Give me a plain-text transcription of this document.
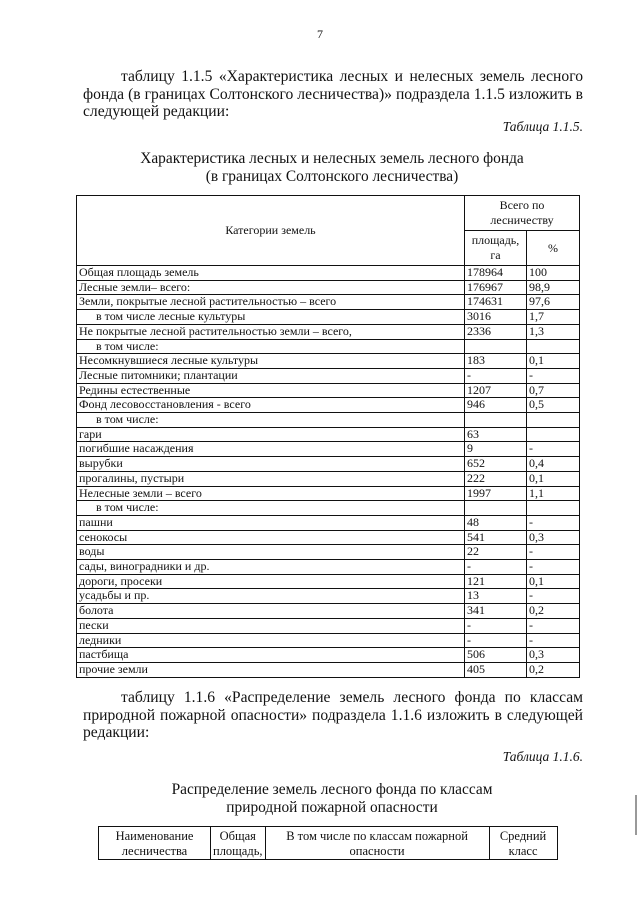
7
таблицу 1.1.5 «Характеристика лесных и нелесных земель лесного
фонда (в границах Солтонского лесничества)» подраздела 1.1.5 изложить в
следующей редакции:
Таблица 1.1.5.
Характеристика лесных и нелесных земель лесного фонда
(в границах Солтонского лесничества)
Категории земель	Всего по лесничеству	
	площадь, га	%
Общая площадь земель	178964	100
Лесные земли– всего:	176967	98,9
Земли, покрытые лесной растительностью – всего	174631	97,6
в том числе лесные культуры	3016	1,7
Не покрытые лесной растительностью земли – всего,	2336	1,3
в том числе:		
Несомкнувшиеся лесные культуры	183	0,1
Лесные питомники; плантации	-	-
Редины естественные	1207	0,7
Фонд лесовосстановления - всего	946	0,5
в том числе:		
гари	63	
погибшие насаждения	9	-
вырубки	652	0,4
прогалины, пустыри	222	0,1
Нелесные земли – всего	1997	1,1
в том числе:		
пашни	48	-
сенокосы	541	0,3
воды	22	-
сады, виноградники и др.	-	-
дороги, просеки	121	0,1
усадьбы и пр.	13	-
болота	341	0,2
пески	-	-
ледники	-	-
пастбища	506	0,3
прочие земли	405	0,2
таблицу 1.1.6 «Распределение земель лесного фонда по классам
природной пожарной опасности» подраздела 1.1.6 изложить в следующей
редакции:
Таблица 1.1.6.
Распределение земель лесного фонда по классам
природной пожарной опасности
Наименование лесничества	Общая площадь,	В том числе по классам пожарной опасности	Средний класс
